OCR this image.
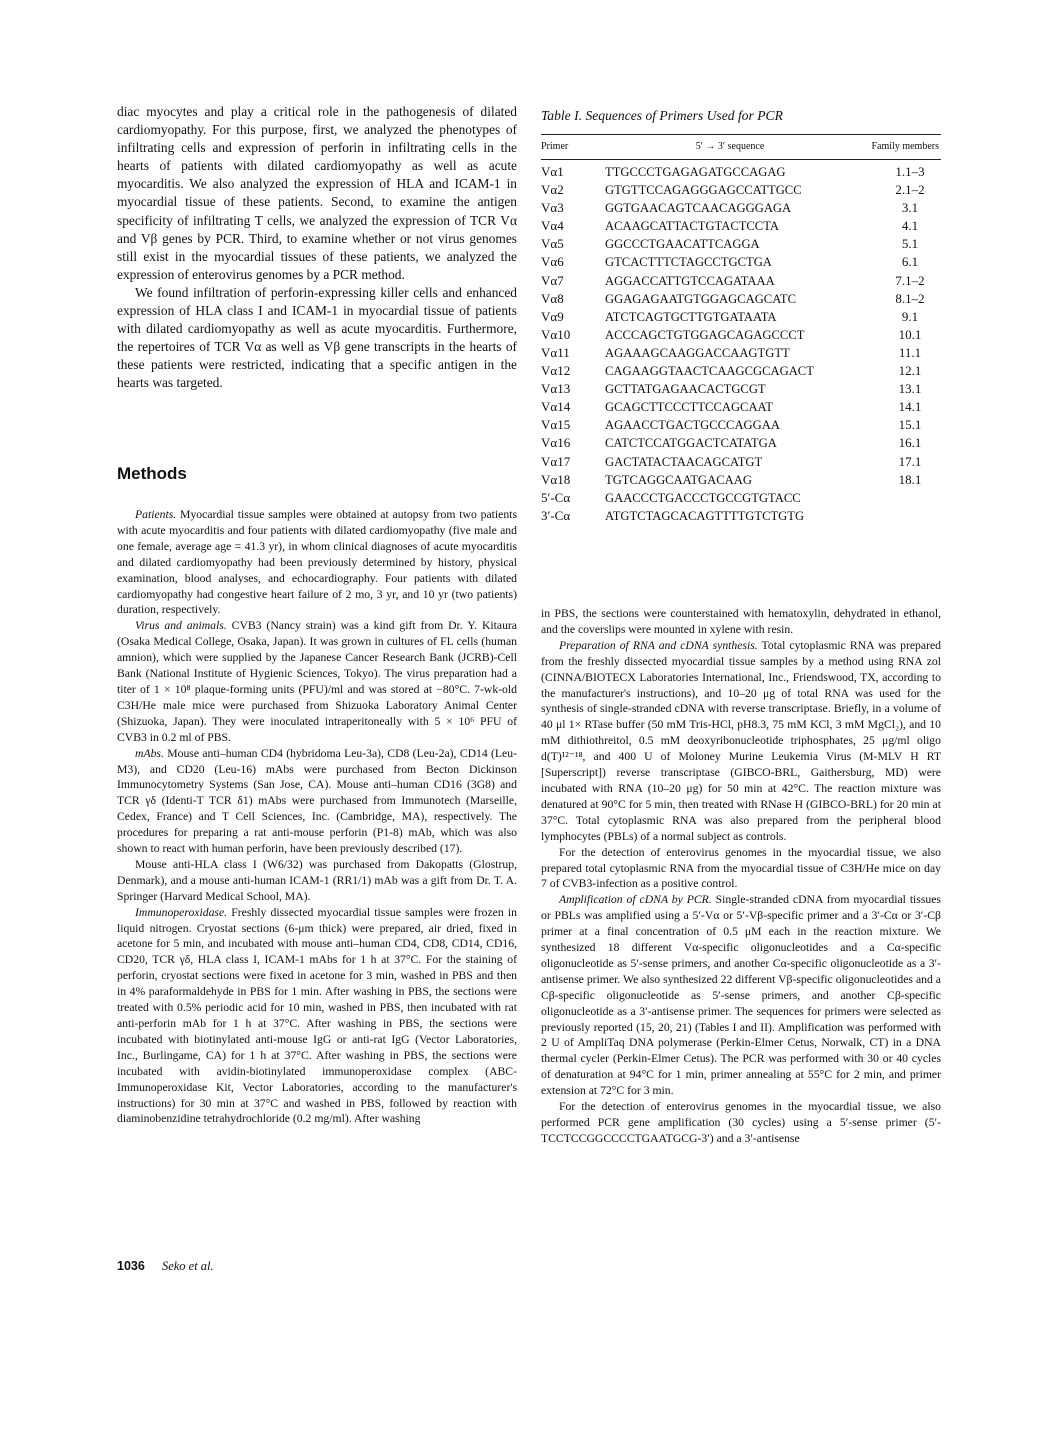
diac myocytes and play a critical role in the pathogenesis of dilated cardiomyopathy. For this purpose, first, we analyzed the phenotypes of infiltrating cells and expression of perforin in infiltrating cells in the hearts of patients with dilated cardiomyopathy as well as acute myocarditis. We also analyzed the expression of HLA and ICAM-1 in myocardial tissue of these patients. Second, to examine the antigen specificity of infiltrating T cells, we analyzed the expression of TCR Vα and Vβ genes by PCR. Third, to examine whether or not virus genomes still exist in the myocardial tissues of these patients, we analyzed the expression of enterovirus genomes by a PCR method.

We found infiltration of perforin-expressing killer cells and enhanced expression of HLA class I and ICAM-1 in myocardial tissue of patients with dilated cardiomyopathy as well as acute myocarditis. Furthermore, the repertoires of TCR Vα as well as Vβ gene transcripts in the hearts of these patients were restricted, indicating that a specific antigen in the hearts was targeted.

Methods

Patients. Myocardial tissue samples were obtained at autopsy from two patients with acute myocarditis and four patients with dilated cardiomyopathy (five male and one female, average age = 41.3 yr), in whom clinical diagnoses of acute myocarditis and dilated cardiomyopathy had been previously determined by history, physical examination, blood analyses, and echocardiography. Four patients with dilated cardiomyopathy had congestive heart failure of 2 mo, 3 yr, and 10 yr (two patients) duration, respectively.

Virus and animals. CVB3 (Nancy strain) was a kind gift from Dr. Y. Kitaura (Osaka Medical College, Osaka, Japan). It was grown in cultures of FL cells (human amnion), which were supplied by the Japanese Cancer Research Bank (JCRB)-Cell Bank (National Institute of Hygienic Sciences, Tokyo). The virus preparation had a titer of 1 × 10⁸ plaque-forming units (PFU)/ml and was stored at −80°C. 7-wk-old C3H/He male mice were purchased from Shizuoka Laboratory Animal Center (Shizuoka, Japan). They were inoculated intraperitoneally with 5 × 10⁶ PFU of CVB3 in 0.2 ml of PBS.

mAbs. Mouse anti–human CD4 (hybridoma Leu-3a), CD8 (Leu-2a), CD14 (Leu-M3), and CD20 (Leu-16) mAbs were purchased from Becton Dickinson Immunocytometry Systems (San Jose, CA). Mouse anti–human CD16 (3G8) and TCR γδ (Identi-T TCR δ1) mAbs were purchased from Immunotech (Marseille, Cedex, France) and T Cell Sciences, Inc. (Cambridge, MA), respectively. The procedures for preparing a rat anti-mouse perforin (P1-8) mAb, which was also shown to react with human perforin, have been previously described (17).

Mouse anti-HLA class I (W6/32) was purchased from Dakopatts (Glostrup, Denmark), and a mouse anti-human ICAM-1 (RR1/1) mAb was a gift from Dr. T. A. Springer (Harvard Medical School, MA).

Immunoperoxidase. Freshly dissected myocardial tissue samples were frozen in liquid nitrogen. Cryostat sections (6-μm thick) were prepared, air dried, fixed in acetone for 5 min, and incubated with mouse anti–human CD4, CD8, CD14, CD16, CD20, TCR γδ, HLA class I, ICAM-1 mAbs for 1 h at 37°C. For the staining of perforin, cryostat sections were fixed in acetone for 3 min, washed in PBS and then in 4% paraformaldehyde in PBS for 1 min. After washing in PBS, the sections were treated with 0.5% periodic acid for 10 min, washed in PBS, then incubated with rat anti-perforin mAb for 1 h at 37°C. After washing in PBS, the sections were incubated with biotinylated anti-mouse IgG or anti-rat IgG (Vector Laboratories, Inc., Burlingame, CA) for 1 h at 37°C. After washing in PBS, the sections were incubated with avidin-biotinylated immunoperoxidase complex (ABC-Immunoperoxidase Kit, Vector Laboratories, according to the manufacturer's instructions) for 30 min at 37°C and washed in PBS, followed by reaction with diaminobenzidine tetrahydrochloride (0.2 mg/ml). After washing

Table I. Sequences of Primers Used for PCR
Primer	5′ → 3′ sequence	Family members
Vα1	TTGCCCTGAGAGATGCCAGAG	1.1–3
Vα2	GTGTTCCAGAGGGAGCCATTGCC	2.1–2
Vα3	GGTGAACAGTCAACAGGGAGA	3.1
Vα4	ACAAGCATTACTGTACTCCTA	4.1
Vα5	GGCCCTGAACATTCAGGA	5.1
Vα6	GTCACTTTCTAGCCTGCTGA	6.1
Vα7	AGGACCATTGTCCAGATAAA	7.1–2
Vα8	GGAGAGAATGTGGAGCAGCATC	8.1–2
Vα9	ATCTCAGTGCTTGTGATAATA	9.1
Vα10	ACCCAGCTGTGGAGCAGAGCCCT	10.1
Vα11	AGAAAGCAAGGACCAAGTGTT	11.1
Vα12	CAGAAGGTAACTCAAGCGCAGACT	12.1
Vα13	GCTTATGAGAACACTGCGT	13.1
Vα14	GCAGCTTCCCTTCCAGCAAT	14.1
Vα15	AGAACCTGACTGCCCAGGAA	15.1
Vα16	CATCTCCATGGACTCATATGA	16.1
Vα17	GACTATACTAACAGCATGT	17.1
Vα18	TGTCAGGCAATGACAAG	18.1
5′-Cα	GAACCCTGACCCTGCCGTGTACC	
3′-Cα	ATGTCTAGCACAGTTTTGTCTGTG	

in PBS, the sections were counterstained with hematoxylin, dehydrated in ethanol, and the coverslips were mounted in xylene with resin.

Preparation of RNA and cDNA synthesis. Total cytoplasmic RNA was prepared from the freshly dissected myocardial tissue samples by a method using RNA zol (CINNA/BIOTECX Laboratories International, Inc., Friendswood, TX, according to the manufacturer's instructions), and 10–20 μg of total RNA was used for the synthesis of single-stranded cDNA with reverse transcriptase. Briefly, in a volume of 40 μl 1× RTase buffer (50 mM Tris-HCl, pH8.3, 75 mM KCl, 3 mM MgCl₂), and 10 mM dithiothreitol, 0.5 mM deoxyribonucleotide triphosphates, 25 μg/ml oligo d(T)¹²⁻¹⁸, and 400 U of Moloney Murine Leukemia Virus (M-MLV H RT [Superscript]) reverse transcriptase (GIBCO-BRL, Gaithersburg, MD) were incubated with RNA (10–20 μg) for 50 min at 42°C. The reaction mixture was denatured at 90°C for 5 min, then treated with RNase H (GIBCO-BRL) for 20 min at 37°C. Total cytoplasmic RNA was also prepared from the peripheral blood lymphocytes (PBLs) of a normal subject as controls.

For the detection of enterovirus genomes in the myocardial tissue, we also prepared total cytoplasmic RNA from the myocardial tissue of C3H/He mice on day 7 of CVB3-infection as a positive control.

Amplification of cDNA by PCR. Single-stranded cDNA from myocardial tissues or PBLs was amplified using a 5′-Vα or 5′-Vβ-specific primer and a 3′-Cα or 3′-Cβ primer at a final concentration of 0.5 μM each in the reaction mixture. We synthesized 18 different Vα-specific oligonucleotides and a Cα-specific oligonucleotide as 5′-sense primers, and another Cα-specific oligonucleotide as a 3′-antisense primer. We also synthesized 22 different Vβ-specific oligonucleotides and a Cβ-specific oligonucleotide as 5′-sense primers, and another Cβ-specific oligonucleotide as a 3′-antisense primer. The sequences for primers were selected as previously reported (15, 20, 21) (Tables I and II). Amplification was performed with 2 U of AmpliTaq DNA polymerase (Perkin-Elmer Cetus, Norwalk, CT) in a DNA thermal cycler (Perkin-Elmer Cetus). The PCR was performed with 30 or 40 cycles of denaturation at 94°C for 1 min, primer annealing at 55°C for 2 min, and primer extension at 72°C for 3 min.

For the detection of enterovirus genomes in the myocardial tissue, we also performed PCR gene amplification (30 cycles) using a 5′-sense primer (5′-TCCTCCGGCCCCTGAATGCG-3′) and a 3′-antisense

1036 Seko et al.
